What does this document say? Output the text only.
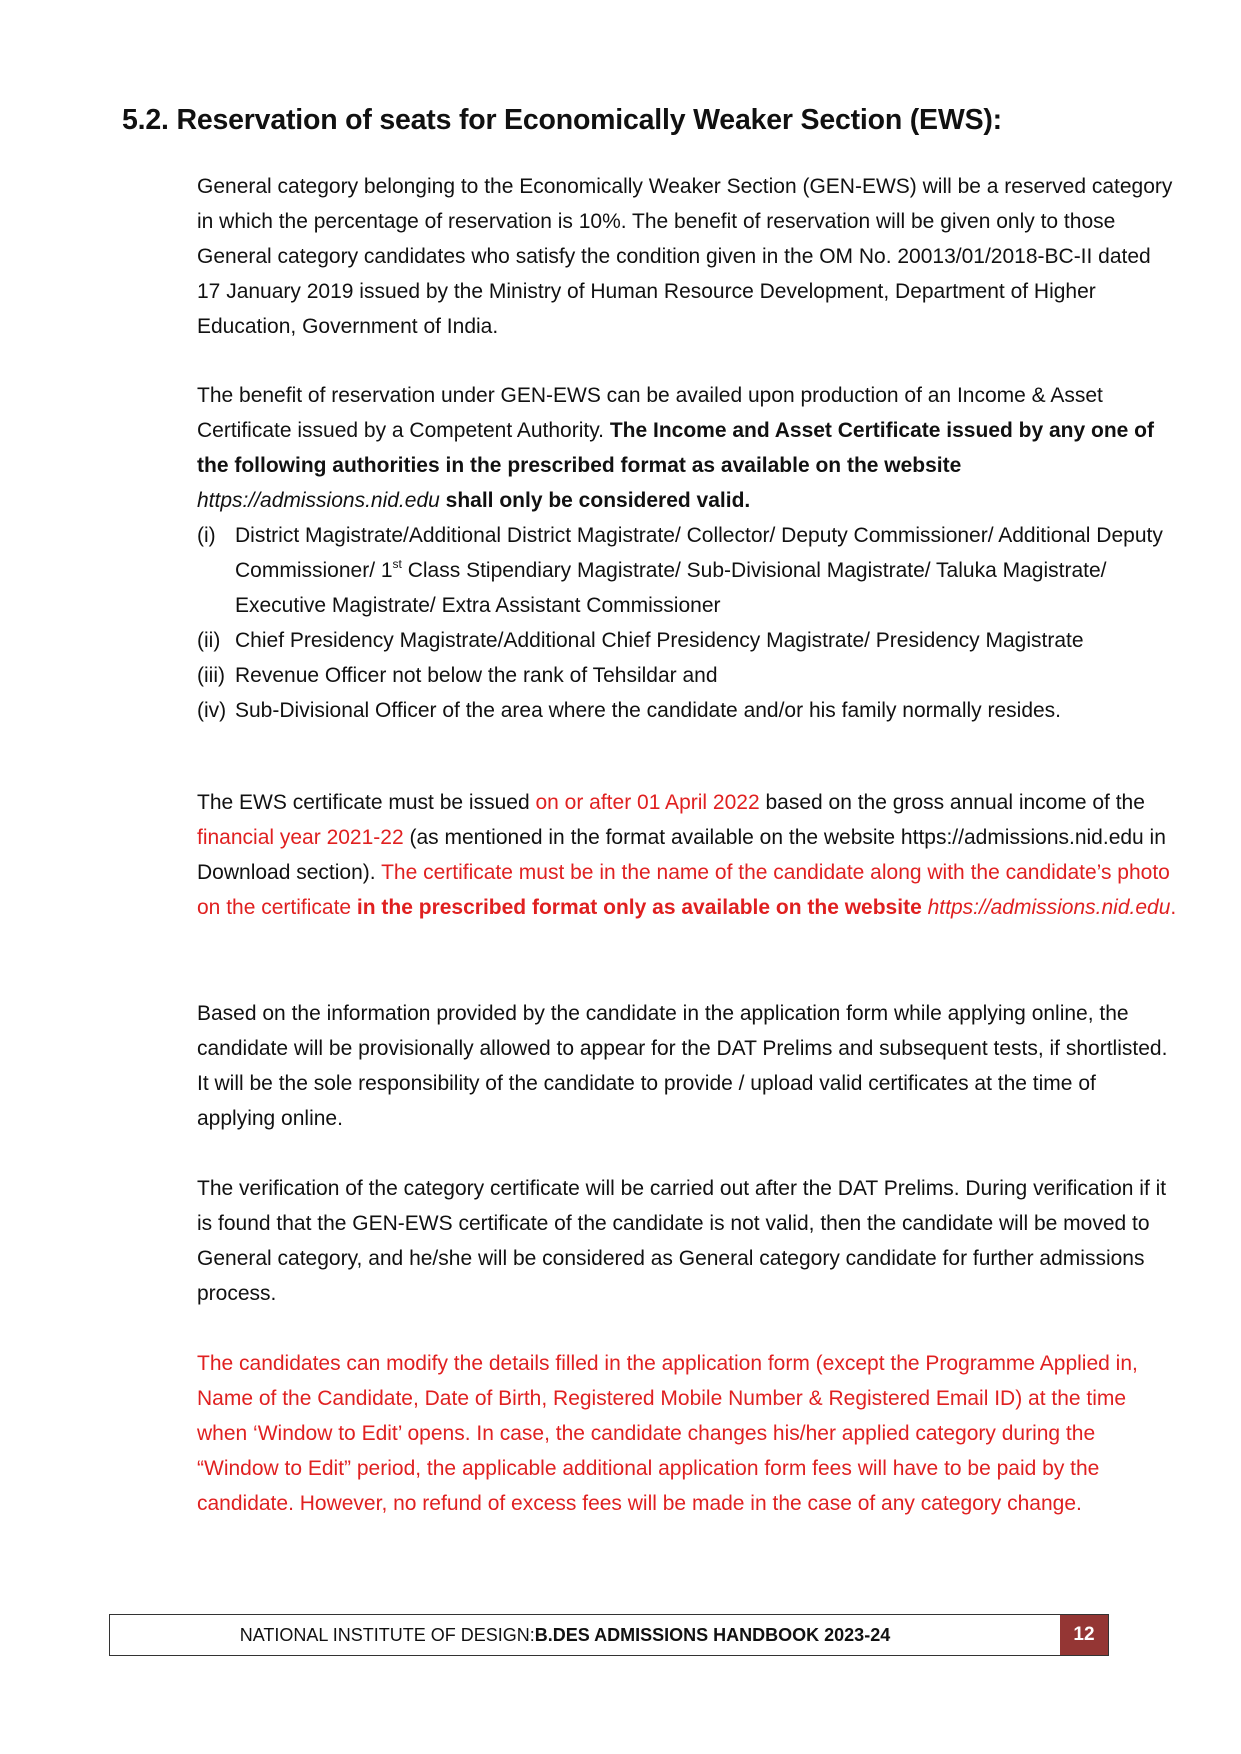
5.2. Reservation of seats for Economically Weaker Section (EWS):

General category belonging to the Economically Weaker Section (GEN-EWS) will be a reserved category in which the percentage of reservation is 10%. The benefit of reservation will be given only to those General category candidates who satisfy the condition given in the OM No. 20013/01/2018-BC-II dated 17 January 2019 issued by the Ministry of Human Resource Development, Department of Higher Education, Government of India.

The benefit of reservation under GEN-EWS can be availed upon production of an Income & Asset Certificate issued by a Competent Authority. The Income and Asset Certificate issued by any one of the following authorities in the prescribed format as available on the website https://admissions.nid.edu shall only be considered valid.

(i) District Magistrate/Additional District Magistrate/ Collector/ Deputy Commissioner/ Additional Deputy Commissioner/ 1st Class Stipendiary Magistrate/ Sub-Divisional Magistrate/ Taluka Magistrate/ Executive Magistrate/ Extra Assistant Commissioner
(ii) Chief Presidency Magistrate/Additional Chief Presidency Magistrate/ Presidency Magistrate
(iii) Revenue Officer not below the rank of Tehsildar and
(iv) Sub-Divisional Officer of the area where the candidate and/or his family normally resides.

The EWS certificate must be issued on or after 01 April 2022 based on the gross annual income of the financial year 2021-22 (as mentioned in the format available on the website https://admissions.nid.edu in Download section). The certificate must be in the name of the candidate along with the candidate’s photo on the certificate in the prescribed format only as available on the website https://admissions.nid.edu.

Based on the information provided by the candidate in the application form while applying online, the candidate will be provisionally allowed to appear for the DAT Prelims and subsequent tests, if shortlisted. It will be the sole responsibility of the candidate to provide / upload valid certificates at the time of applying online.

The verification of the category certificate will be carried out after the DAT Prelims. During verification if it is found that the GEN-EWS certificate of the candidate is not valid, then the candidate will be moved to General category, and he/she will be considered as General category candidate for further admissions process.

The candidates can modify the details filled in the application form (except the Programme Applied in, Name of the Candidate, Date of Birth, Registered Mobile Number & Registered Email ID) at the time when ‘Window to Edit’ opens. In case, the candidate changes his/her applied category during the “Window to Edit” period, the applicable additional application form fees will have to be paid by the candidate. However, no refund of excess fees will be made in the case of any category change.

NATIONAL INSTITUTE OF DESIGN: B.DES ADMISSIONS HANDBOOK 2023-24	12
